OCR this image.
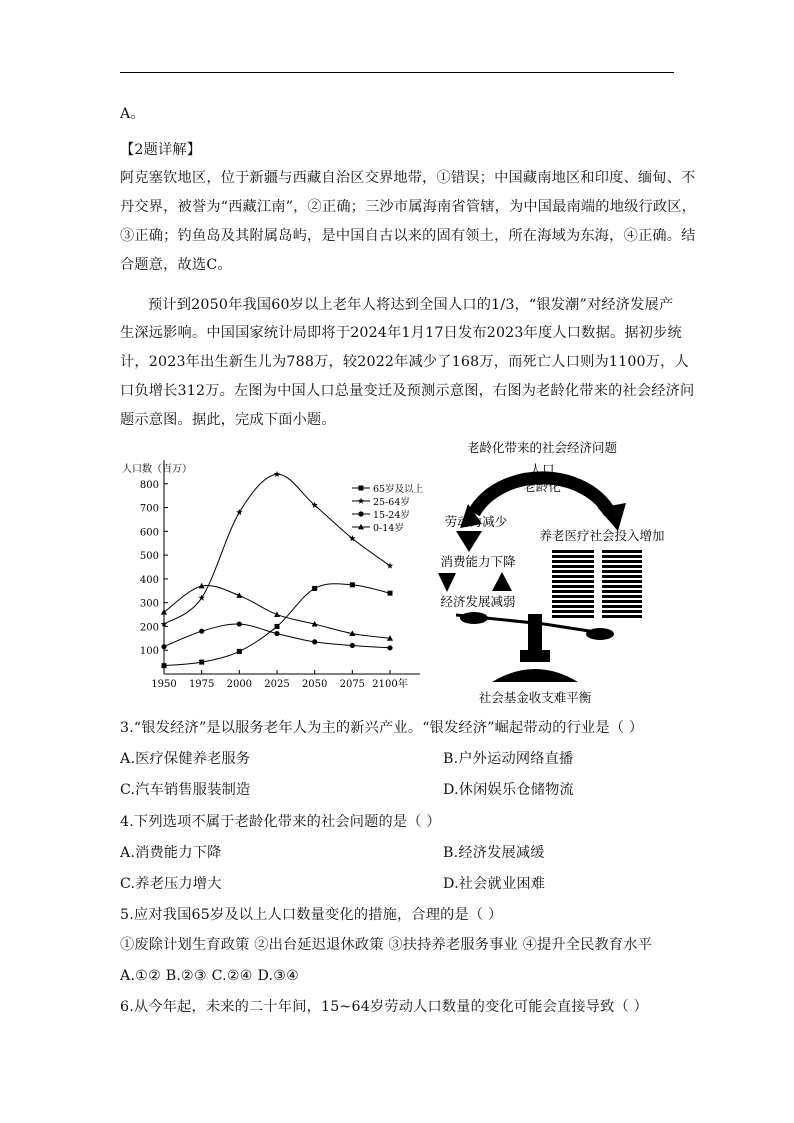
A。
【2题详解】
阿克塞钦地区，位于新疆与西藏自治区交界地带，①错误；中国藏南地区和印度、缅甸、不
丹交界，被誉为“西藏江南”，②正确；三沙市属海南省管辖，为中国最南端的地级行政区，
③正确；钓鱼岛及其附属岛屿，是中国自古以来的固有领土，所在海域为东海，④正确。结
合题意，故选C。
预计到2050年我国60岁以上老年人将达到全国人口的1/3，“银发潮”对经济发展产
生深远影响。中国国家统计局即将于2024年1月17日发布2023年度人口数据。据初步统
计，2023年出生新生儿为788万，较2022年减少了168万，而死亡人口则为1100万，人
口负增长312万。左图为中国人口总量变迁及预测示意图，右图为老龄化带来的社会经济问
题示意图。据此，完成下面小题。
100
200
300
400
500
600
700
800
人口数（百万）
1950 1975 2000 2025 2050 2075 2100年
65岁及以上
25-64岁
15-24岁
0-14岁
老龄化带来的社会经济问题
人口
老龄化
劳动力减少
消费能力下降
经济发展减弱
养老医疗社会投入增加
社会基金收支难平衡
3.“银发经济”是以服务老年人为主的新兴产业。“银发经济”崛起带动的行业是（ ）
A.医疗保健养老服务	B.户外运动网络直播
C.汽车销售服装制造	D.休闲娱乐仓储物流
4.下列选项不属于老龄化带来的社会问题的是（ ）
A.消费能力下降	B.经济发展减缓
C.养老压力增大	D.社会就业困难
5.应对我国65岁及以上人口数量变化的措施，合理的是（ ）
①废除计划生育政策 ②出台延迟退休政策 ③扶持养老服务事业 ④提升全民教育水平
A.①② B.②③ C.②④ D.③④
6.从今年起，未来的二十年间，15~64岁劳动人口数量的变化可能会直接导致（ ）
